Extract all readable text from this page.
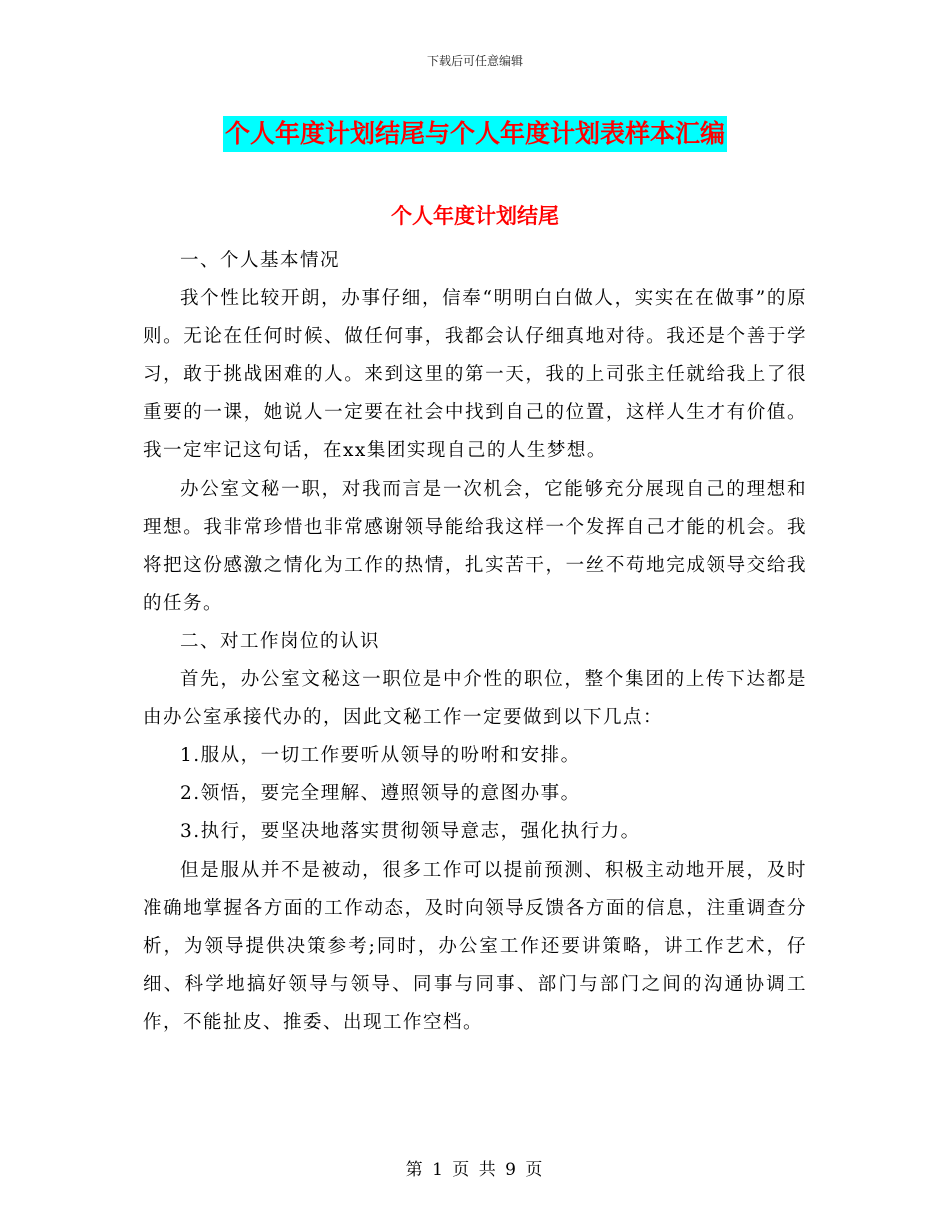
下载后可任意编辑
个人年度计划结尾与个人年度计划表样本汇编
个人年度计划结尾

一、个人基本情况

我个性比较开朗，办事仔细，信奉“明明白白做人，实实在在做事”的原则。无论在任何时候、做任何事，我都会认仔细真地对待。我还是个善于学习，敢于挑战困难的人。来到这里的第一天，我的上司张主任就给我上了很重要的一课，她说人一定要在社会中找到自己的位置，这样人生才有价值。我一定牢记这句话，在xx集团实现自己的人生梦想。

办公室文秘一职，对我而言是一次机会，它能够充分展现自己的理想和理想。我非常珍惜也非常感谢领导能给我这样一个发挥自己才能的机会。我将把这份感激之情化为工作的热情，扎实苦干，一丝不苟地完成领导交给我的任务。

二、对工作岗位的认识

首先，办公室文秘这一职位是中介性的职位，整个集团的上传下达都是由办公室承接代办的，因此文秘工作一定要做到以下几点：

1.服从，一切工作要听从领导的吩咐和安排。

2.领悟，要完全理解、遵照领导的意图办事。

3.执行，要坚决地落实贯彻领导意志，强化执行力。

但是服从并不是被动，很多工作可以提前预测、积极主动地开展，及时准确地掌握各方面的工作动态，及时向领导反馈各方面的信息，注重调查分析，为领导提供决策参考;同时，办公室工作还要讲策略，讲工作艺术，仔细、科学地搞好领导与领导、同事与同事、部门与部门之间的沟通协调工作，不能扯皮、推委、出现工作空档。

第 1 页 共 9 页
